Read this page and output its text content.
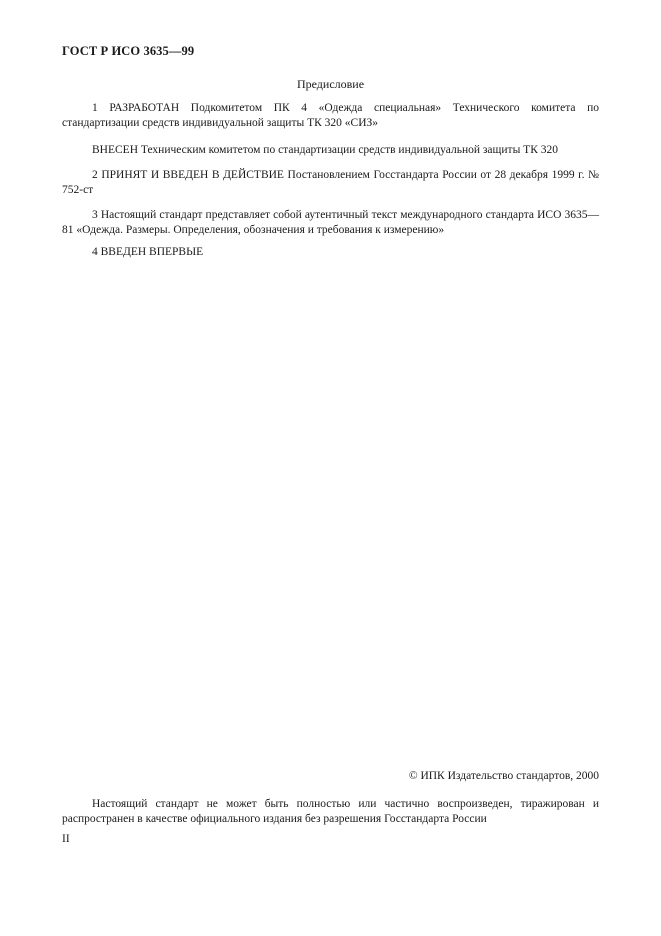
ГОСТ Р ИСО 3635—99
Предисловие

1 РАЗРАБОТАН Подкомитетом ПК 4 «Одежда специальная» Технического комитета по стандартизации средств индивидуальной защиты ТК 320 «СИЗ»

ВНЕСЕН Техническим комитетом по стандартизации средств индивидуальной защиты ТК 320

2 ПРИНЯТ И ВВЕДЕН В ДЕЙСТВИЕ Постановлением Госстандарта России от 28 декабря 1999 г. № 752-ст

3 Настоящий стандарт представляет собой аутентичный текст международного стандарта ИСО 3635—81 «Одежда. Размеры. Определения, обозначения и требования к измерению»

4 ВВЕДЕН ВПЕРВЫЕ

© ИПК Издательство стандартов, 2000

Настоящий стандарт не может быть полностью или частично воспроизведен, тиражирован и распространен в качестве официального издания без разрешения Госстандарта России

II
